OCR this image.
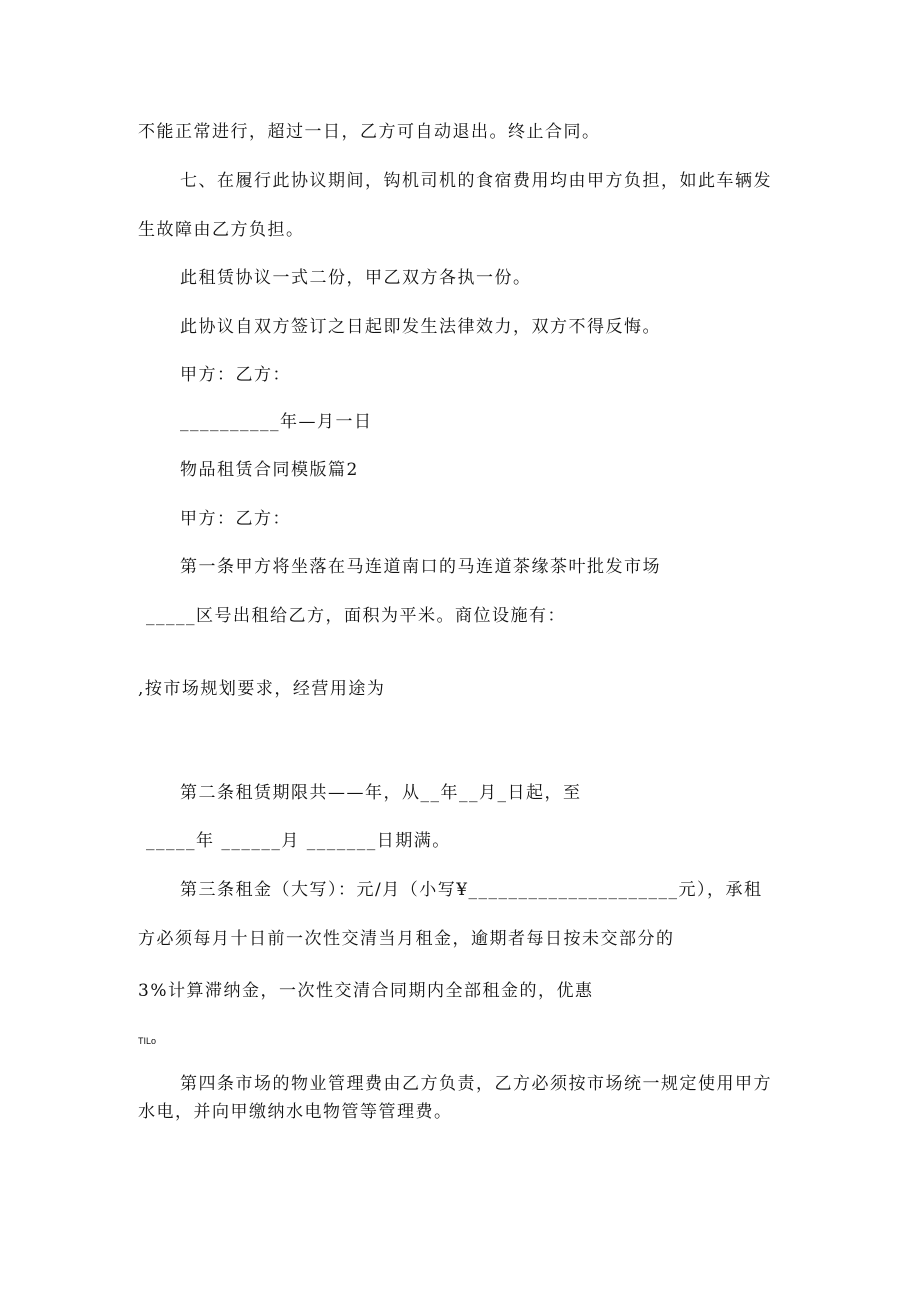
不能正常进行，超过一日，乙方可自动退出。终止合同。
七、在履行此协议期间，钩机司机的食宿费用均由甲方负担，如此车辆发
生故障由乙方负担。
此租赁协议一式二份，甲乙双方各执一份。
此协议自双方签订之日起即发生法律效力，双方不得反悔。
甲方：乙方：
__________年—月一日
物品租赁合同模版篇2
甲方：乙方：
第一条甲方将坐落在马连道南口的马连道茶缘茶叶批发市场
_____区号出租给乙方，面积为平米。商位设施有：
,按市场规划要求，经营用途为
第二条租赁期限共——年，从__年__月_日起，至
_____年 ______月 _______日期满。
第三条租金（大写）：元/月（小写¥_____________________元），承租
方必须每月十日前一次性交清当月租金，逾期者每日按未交部分的
3%计算滞纳金，一次性交清合同期内全部租金的，优惠
TILo
第四条市场的物业管理费由乙方负责，乙方必须按市场统一规定使用甲方
水电，并向甲缴纳水电物管等管理费。
